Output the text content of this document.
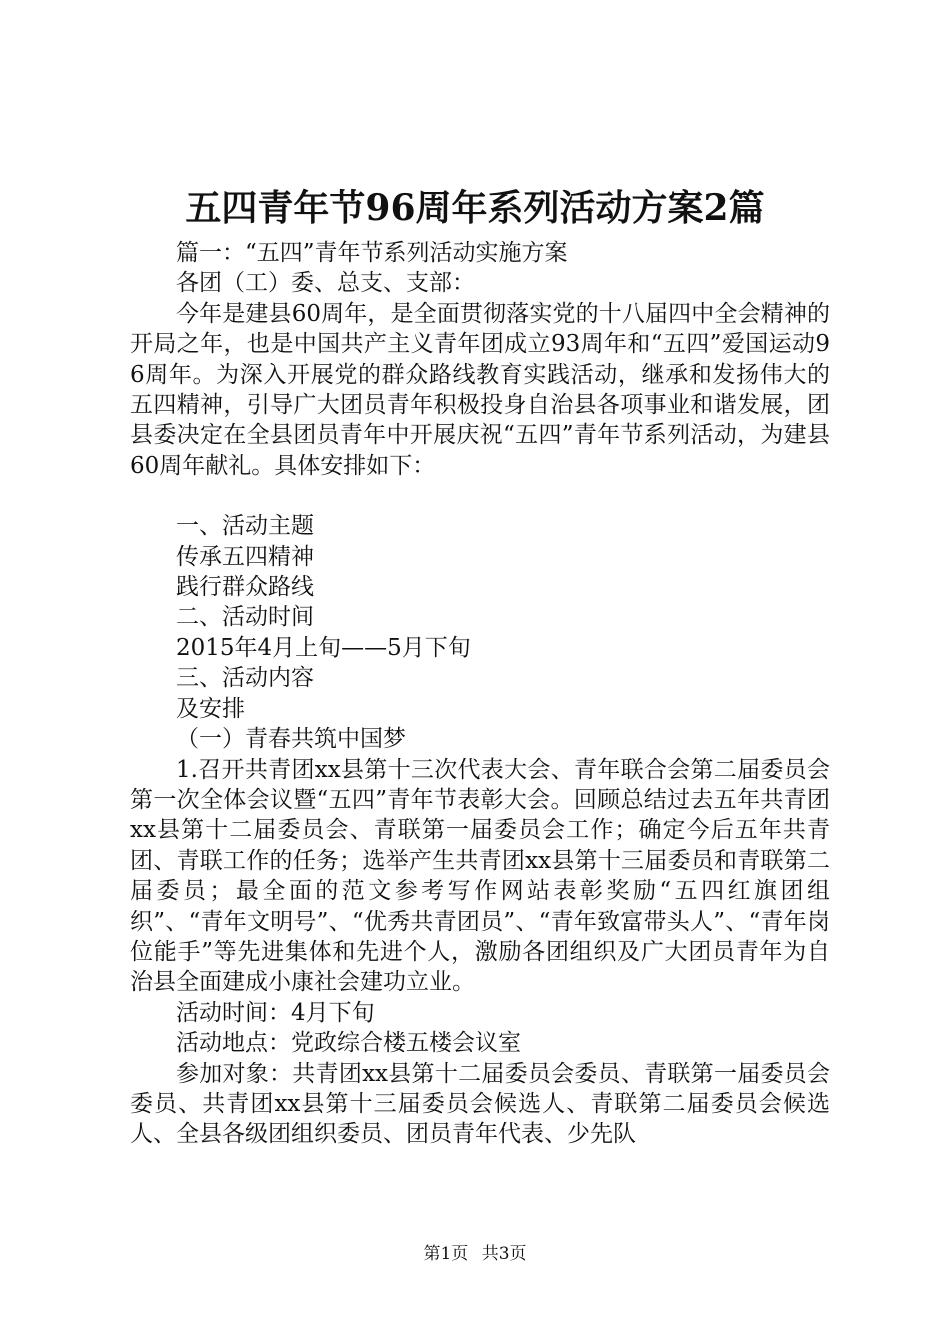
五四青年节96周年系列活动方案2篇

篇一：“五四”青年节系列活动实施方案

各团（工）委、总支、支部：

今年是建县60周年，是全面贯彻落实党的十八届四中全会精神的开局之年，也是中国共产主义青年团成立93周年和“五四”爱国运动96周年。为深入开展党的群众路线教育实践活动，继承和发扬伟大的五四精神，引导广大团员青年积极投身自治县各项事业和谐发展，团县委决定在全县团员青年中开展庆祝“五四”青年节系列活动，为建县60周年献礼。具体安排如下：

一、活动主题

传承五四精神

践行群众路线

二、活动时间

2015年4月上旬——5月下旬

三、活动内容

及安排

（一）青春共筑中国梦

1.召开共青团xx县第十三次代表大会、青年联合会第二届委员会第一次全体会议暨“五四”青年节表彰大会。回顾总结过去五年共青团xx县第十二届委员会、青联第一届委员会工作；确定今后五年共青团、青联工作的任务；选举产生共青团xx县第十三届委员和青联第二届委员；最全面的范文参考写作网站表彰奖励“五四红旗团组织”、“青年文明号”、“优秀共青团员”、“青年致富带头人”、“青年岗位能手”等先进集体和先进个人，激励各团组织及广大团员青年为自治县全面建成小康社会建功立业。

活动时间：4月下旬

活动地点：党政综合楼五楼会议室

参加对象：共青团xx县第十二届委员会委员、青联第一届委员会委员、共青团xx县第十三届委员会候选人、青联第二届委员会候选人、全县各级团组织委员、团员青年代表、少先队

第1页 共3页
